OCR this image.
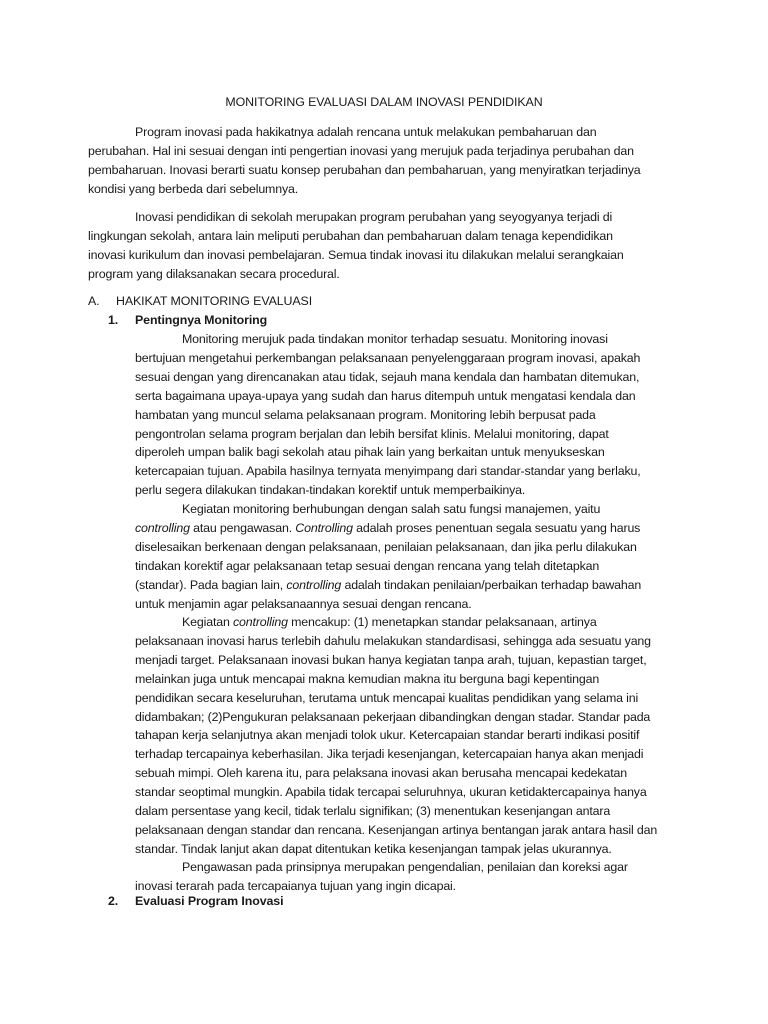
MONITORING EVALUASI DALAM INOVASI PENDIDIKAN
Program inovasi pada hakikatnya adalah rencana untuk melakukan pembaharuan dan
perubahan. Hal ini sesuai dengan inti pengertian inovasi yang merujuk pada terjadinya perubahan dan
pembaharuan. Inovasi berarti suatu konsep perubahan dan pembaharuan, yang menyiratkan terjadinya
kondisi yang berbeda dari sebelumnya.
Inovasi pendidikan di sekolah merupakan program perubahan yang seyogyanya terjadi di
lingkungan sekolah, antara lain meliputi perubahan dan pembaharuan dalam tenaga kependidikan
inovasi kurikulum dan inovasi pembelajaran. Semua tindak inovasi itu dilakukan melalui serangkaian
program yang dilaksanakan secara procedural.
A. HAKIKAT MONITORING EVALUASI
1. Pentingnya Monitoring
Monitoring merujuk pada tindakan monitor terhadap sesuatu. Monitoring inovasi
bertujuan mengetahui perkembangan pelaksanaan penyelenggaraan program inovasi, apakah
sesuai dengan yang direncanakan atau tidak, sejauh mana kendala dan hambatan ditemukan,
serta bagaimana upaya-upaya yang sudah dan harus ditempuh untuk mengatasi kendala dan
hambatan yang muncul selama pelaksanaan program. Monitoring lebih berpusat pada
pengontrolan selama program berjalan dan lebih bersifat klinis. Melalui monitoring, dapat
diperoleh umpan balik bagi sekolah atau pihak lain yang berkaitan untuk menyukseskan
ketercapaian tujuan. Apabila hasilnya ternyata menyimpang dari standar-standar yang berlaku,
perlu segera dilakukan tindakan-tindakan korektif untuk memperbaikinya.
Kegiatan monitoring berhubungan dengan salah satu fungsi manajemen, yaitu
controlling atau pengawasan. Controlling adalah proses penentuan segala sesuatu yang harus
diselesaikan berkenaan dengan pelaksanaan, penilaian pelaksanaan, dan jika perlu dilakukan
tindakan korektif agar pelaksanaan tetap sesuai dengan rencana yang telah ditetapkan
(standar). Pada bagian lain, controlling adalah tindakan penilaian/perbaikan terhadap bawahan
untuk menjamin agar pelaksanaannya sesuai dengan rencana.
Kegiatan controlling mencakup: (1) menetapkan standar pelaksanaan, artinya
pelaksanaan inovasi harus terlebih dahulu melakukan standardisasi, sehingga ada sesuatu yang
menjadi target. Pelaksanaan inovasi bukan hanya kegiatan tanpa arah, tujuan, kepastian target,
melainkan juga untuk mencapai makna kemudian makna itu berguna bagi kepentingan
pendidikan secara keseluruhan, terutama untuk mencapai kualitas pendidikan yang selama ini
didambakan; (2)Pengukuran pelaksanaan pekerjaan dibandingkan dengan stadar. Standar pada
tahapan kerja selanjutnya akan menjadi tolok ukur. Ketercapaian standar berarti indikasi positif
terhadap tercapainya keberhasilan. Jika terjadi kesenjangan, ketercapaian hanya akan menjadi
sebuah mimpi. Oleh karena itu, para pelaksana inovasi akan berusaha mencapai kedekatan
standar seoptimal mungkin. Apabila tidak tercapai seluruhnya, ukuran ketidaktercapainya hanya
dalam persentase yang kecil, tidak terlalu signifikan; (3) menentukan kesenjangan antara
pelaksanaan dengan standar dan rencana. Kesenjangan artinya bentangan jarak antara hasil dan
standar. Tindak lanjut akan dapat ditentukan ketika kesenjangan tampak jelas ukurannya.
Pengawasan pada prinsipnya merupakan pengendalian, penilaian dan koreksi agar
inovasi terarah pada tercapaianya tujuan yang ingin dicapai.
2. Evaluasi Program Inovasi
